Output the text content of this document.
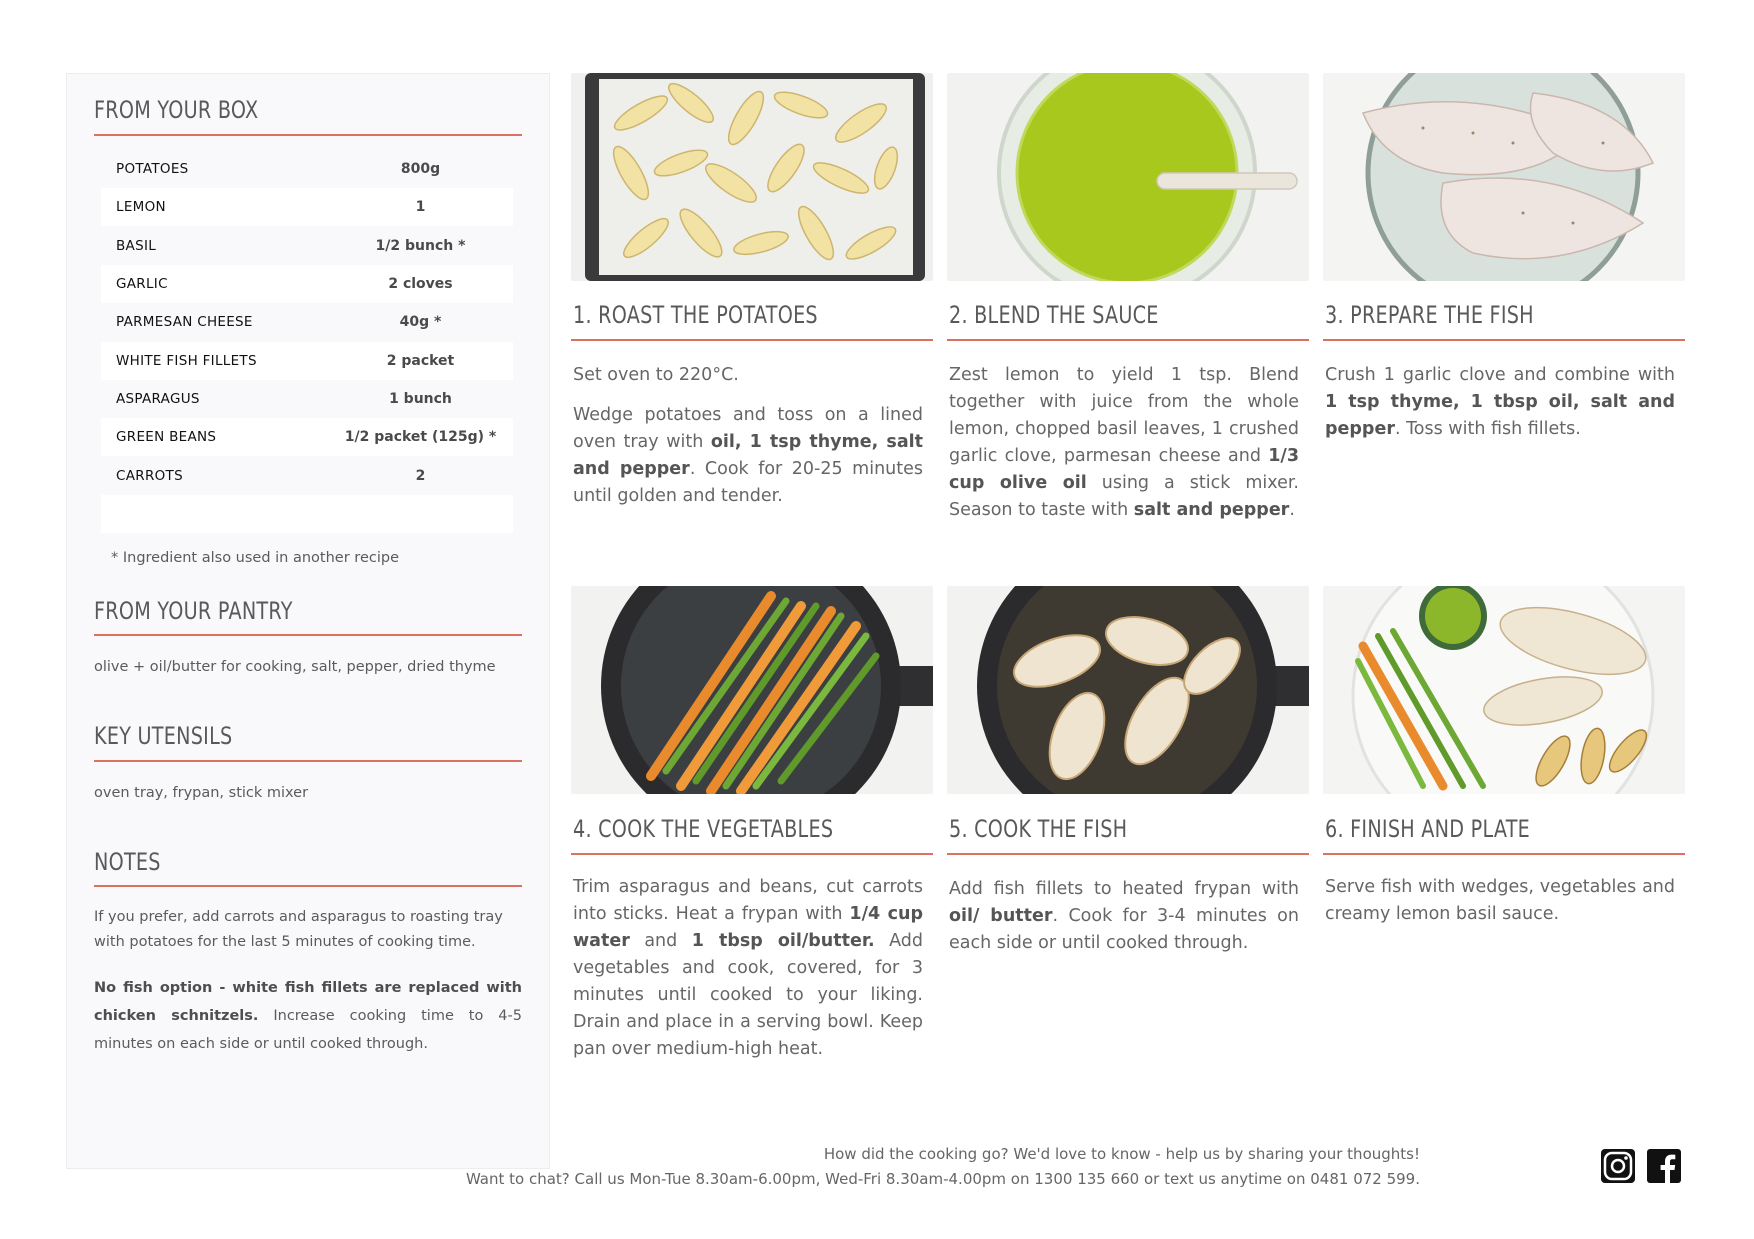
FROM YOUR BOX
POTATOES	800g
LEMON	1
BASIL	1/2 bunch *
GARLIC	2 cloves
PARMESAN CHEESE	40g *
WHITE FISH FILLETS	2 packet
ASPARAGUS	1 bunch
GREEN BEANS	1/2 packet (125g) *
CARROTS	2
* Ingredient also used in another recipe
FROM YOUR PANTRY
olive + oil/butter for cooking, salt, pepper, dried thyme
KEY UTENSILS
oven tray, frypan, stick mixer
NOTES
If you prefer, add carrots and asparagus to roasting tray with potatoes for the last 5 minutes of cooking time.
No fish option - white fish fillets are replaced with chicken schnitzels. Increase cooking time to 4-5 minutes on each side or until cooked through.
1. ROAST THE POTATOES

Set oven to 220°C.

Wedge potatoes and toss on a lined oven tray with oil, 1 tsp thyme, salt and pepper. Cook for 20-25 minutes until golden and tender.

2. BLEND THE SAUCE

Zest lemon to yield 1 tsp. Blend together with juice from the whole lemon, chopped basil leaves, 1 crushed garlic clove, parmesan cheese and 1/3 cup olive oil using a stick mixer. Season to taste with salt and pepper.

3. PREPARE THE FISH

Crush 1 garlic clove and combine with 1 tsp thyme, 1 tbsp oil, salt and pepper. Toss with fish fillets.

4. COOK THE VEGETABLES

Trim asparagus and beans, cut carrots into sticks. Heat a frypan with 1/4 cup water and 1 tbsp oil/butter. Add vegetables and cook, covered, for 3 minutes until cooked to your liking. Drain and place in a serving bowl. Keep pan over medium-high heat.

5. COOK THE FISH

Add fish fillets to heated frypan with oil/ butter. Cook for 3-4 minutes on each side or until cooked through.

6. FINISH AND PLATE

Serve fish with wedges, vegetables and creamy lemon basil sauce.

How did the cooking go? We'd love to know - help us by sharing your thoughts!
Want to chat? Call us Mon-Tue 8.30am-6.00pm, Wed-Fri 8.30am-4.00pm on 1300 135 660 or text us anytime on 0481 072 599.
